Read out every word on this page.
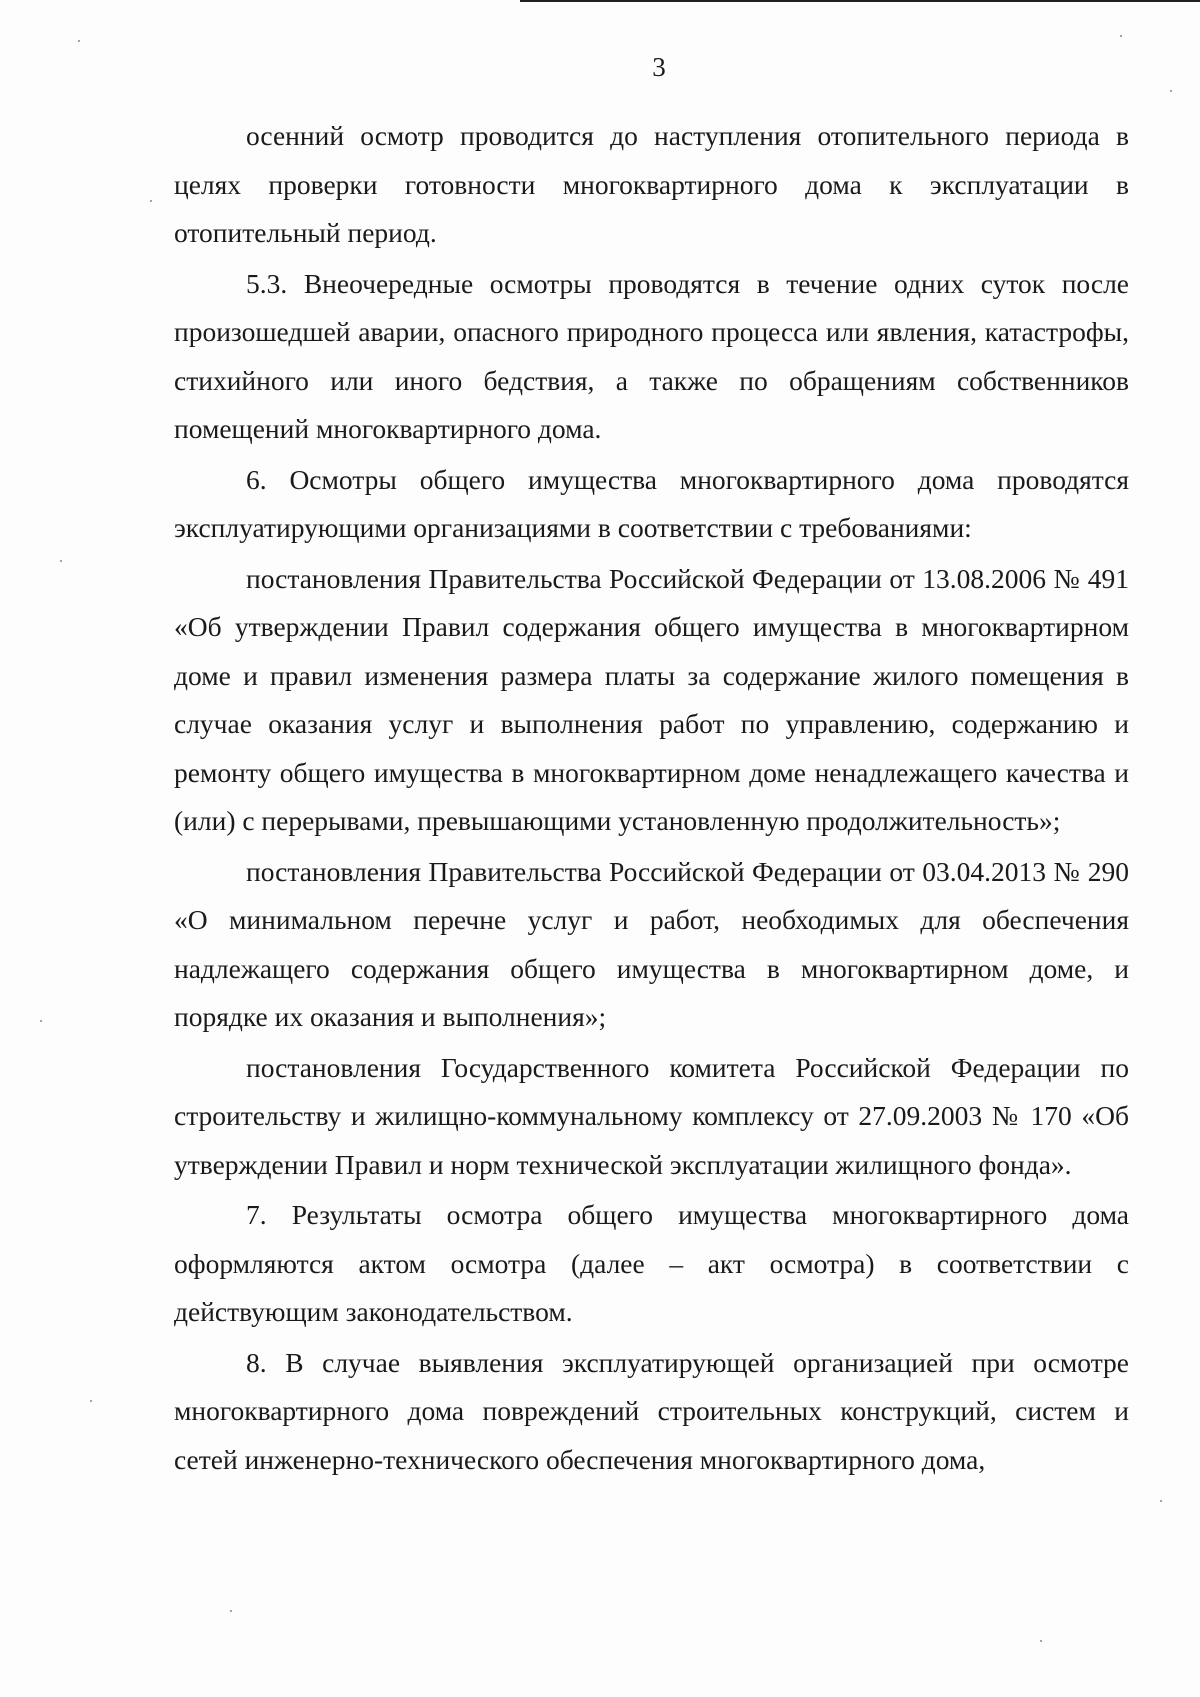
3

осенний осмотр проводится до наступления отопительного периода в целях проверки готовности многоквартирного дома к эксплуатации в отопительный период.

5.3. Внеочередные осмотры проводятся в течение одних суток после произошедшей аварии, опасного природного процесса или явления, катастрофы, стихийного или иного бедствия, а также по обращениям собственников помещений многоквартирного дома.

6. Осмотры общего имущества многоквартирного дома проводятся эксплуатирующими организациями в соответствии с требованиями:

постановления Правительства Российской Федерации от 13.08.2006 № 491 «Об утверждении Правил содержания общего имущества в многоквартирном доме и правил изменения размера платы за содержание жилого помещения в случае оказания услуг и выполнения работ по управлению, содержанию и ремонту общего имущества в многоквартирном доме ненадлежащего качества и (или) с перерывами, превышающими установленную продолжительность»;

постановления Правительства Российской Федерации от 03.04.2013 № 290 «О минимальном перечне услуг и работ, необходимых для обеспечения надлежащего содержания общего имущества в многоквартирном доме, и порядке их оказания и выполнения»;

постановления Государственного комитета Российской Федерации по строительству и жилищно-коммунальному комплексу от 27.09.2003 № 170 «Об утверждении Правил и норм технической эксплуатации жилищного фонда».

7. Результаты осмотра общего имущества многоквартирного дома оформляются актом осмотра (далее – акт осмотра) в соответствии с действующим законодательством.

8. В случае выявления эксплуатирующей организацией при осмотре многоквартирного дома повреждений строительных конструкций, систем и сетей инженерно-технического обеспечения многоквартирного дома,
